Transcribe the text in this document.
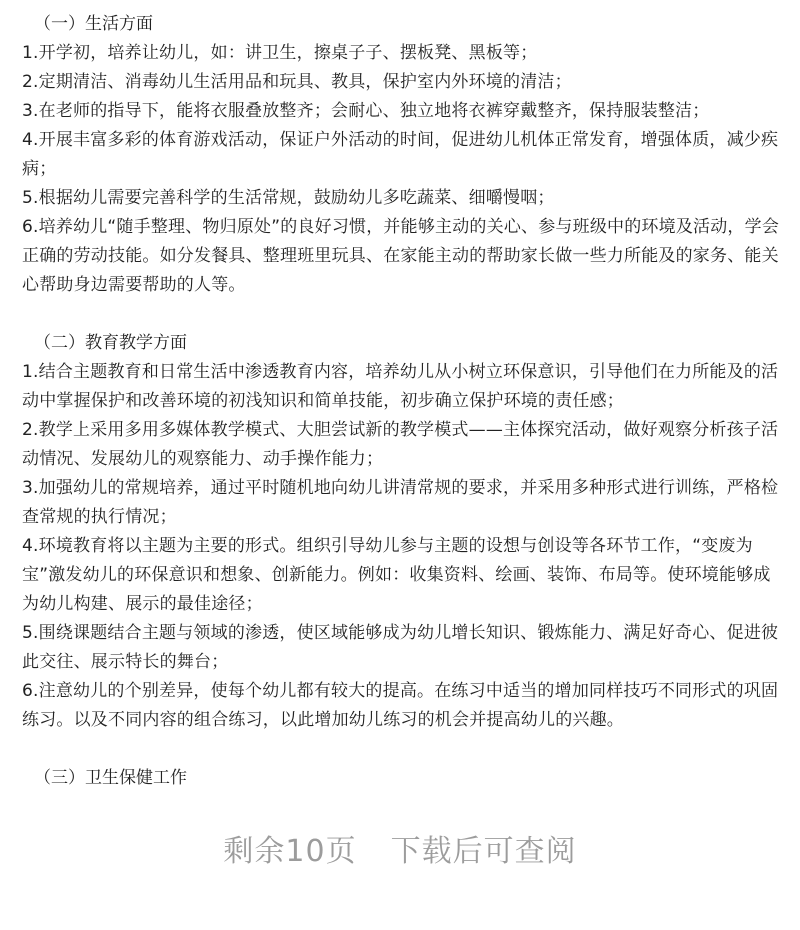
（一）生活方面
1.开学初，培养让幼儿，如：讲卫生，擦桌子子、摆板凳、黑板等；
2.定期清洁、消毒幼儿生活用品和玩具、教具，保护室内外环境的清洁；
3.在老师的指导下，能将衣服叠放整齐；会耐心、独立地将衣裤穿戴整齐，保持服装整洁；
4.开展丰富多彩的体育游戏活动，保证户外活动的时间，促进幼儿机体正常发育，增强体质，减少疾病；
5.根据幼儿需要完善科学的生活常规，鼓励幼儿多吃蔬菜、细嚼慢咽；
6.培养幼儿“随手整理、物归原处”的良好习惯，并能够主动的关心、参与班级中的环境及活动，学会正确的劳动技能。如分发餐具、整理班里玩具、在家能主动的帮助家长做一些力所能及的家务、能关心帮助身边需要帮助的人等。
（二）教育教学方面
1.结合主题教育和日常生活中渗透教育内容，培养幼儿从小树立环保意识，引导他们在力所能及的活动中掌握保护和改善环境的初浅知识和简单技能，初步确立保护环境的责任感；
2.教学上采用多用多媒体教学模式、大胆尝试新的教学模式——主体探究活动，做好观察分析孩子活动情况、发展幼儿的观察能力、动手操作能力；
3.加强幼儿的常规培养，通过平时随机地向幼儿讲清常规的要求，并采用多种形式进行训练，严格检查常规的执行情况；
4.环境教育将以主题为主要的形式。组织引导幼儿参与主题的设想与创设等各环节工作，“变废为宝”激发幼儿的环保意识和想象、创新能力。例如：收集资料、绘画、装饰、布局等。使环境能够成为幼儿构建、展示的最佳途径；
5.围绕课题结合主题与领域的渗透，使区域能够成为幼儿增长知识、锻炼能力、满足好奇心、促进彼此交往、展示特长的舞台；
6.注意幼儿的个别差异，使每个幼儿都有较大的提高。在练习中适当的增加同样技巧不同形式的巩固练习。以及不同内容的组合练习，以此增加幼儿练习的机会并提高幼儿的兴趣。
（三）卫生保健工作
剩余10页 下载后可查阅
